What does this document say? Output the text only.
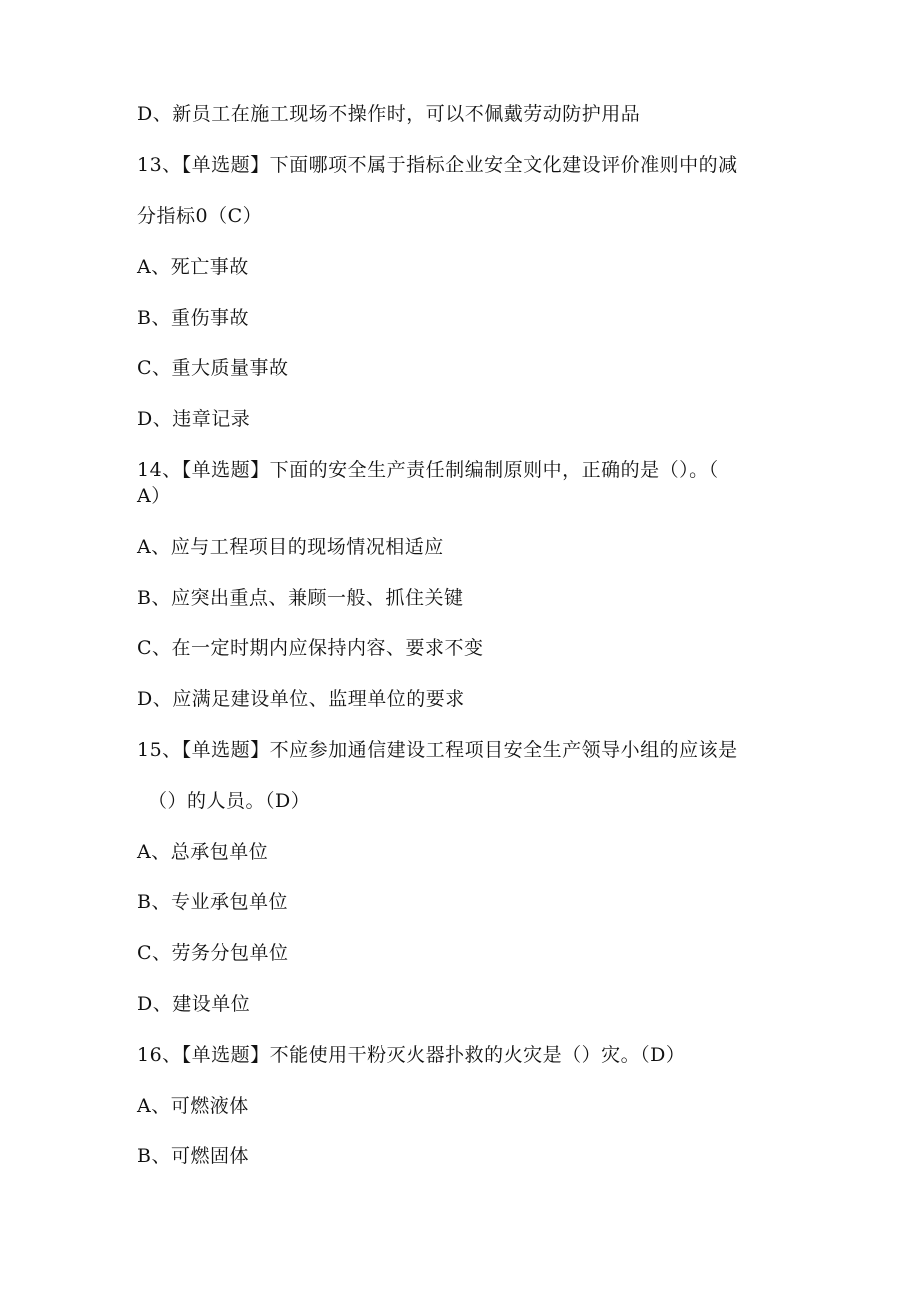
D、新员工在施工现场不操作时，可以不佩戴劳动防护用品
13、【单选题】下面哪项不属于指标企业安全文化建设评价准则中的减
分指标0（C）
A、死亡事故
B、重伤事故
C、重大质量事故
D、违章记录
14、【单选题】下面的安全生产责任制编制原则中，正确的是（）。（
A）
A、应与工程项目的现场情况相适应
B、应突出重点、兼顾一般、抓住关键
C、在一定时期内应保持内容、要求不变
D、应满足建设单位、监理单位的要求
15、【单选题】不应参加通信建设工程项目安全生产领导小组的应该是
（）的人员。（D）
A、总承包单位
B、专业承包单位
C、劳务分包单位
D、建设单位
16、【单选题】不能使用干粉灭火器扑救的火灾是（）灾。（D）
A、可燃液体
B、可燃固体
